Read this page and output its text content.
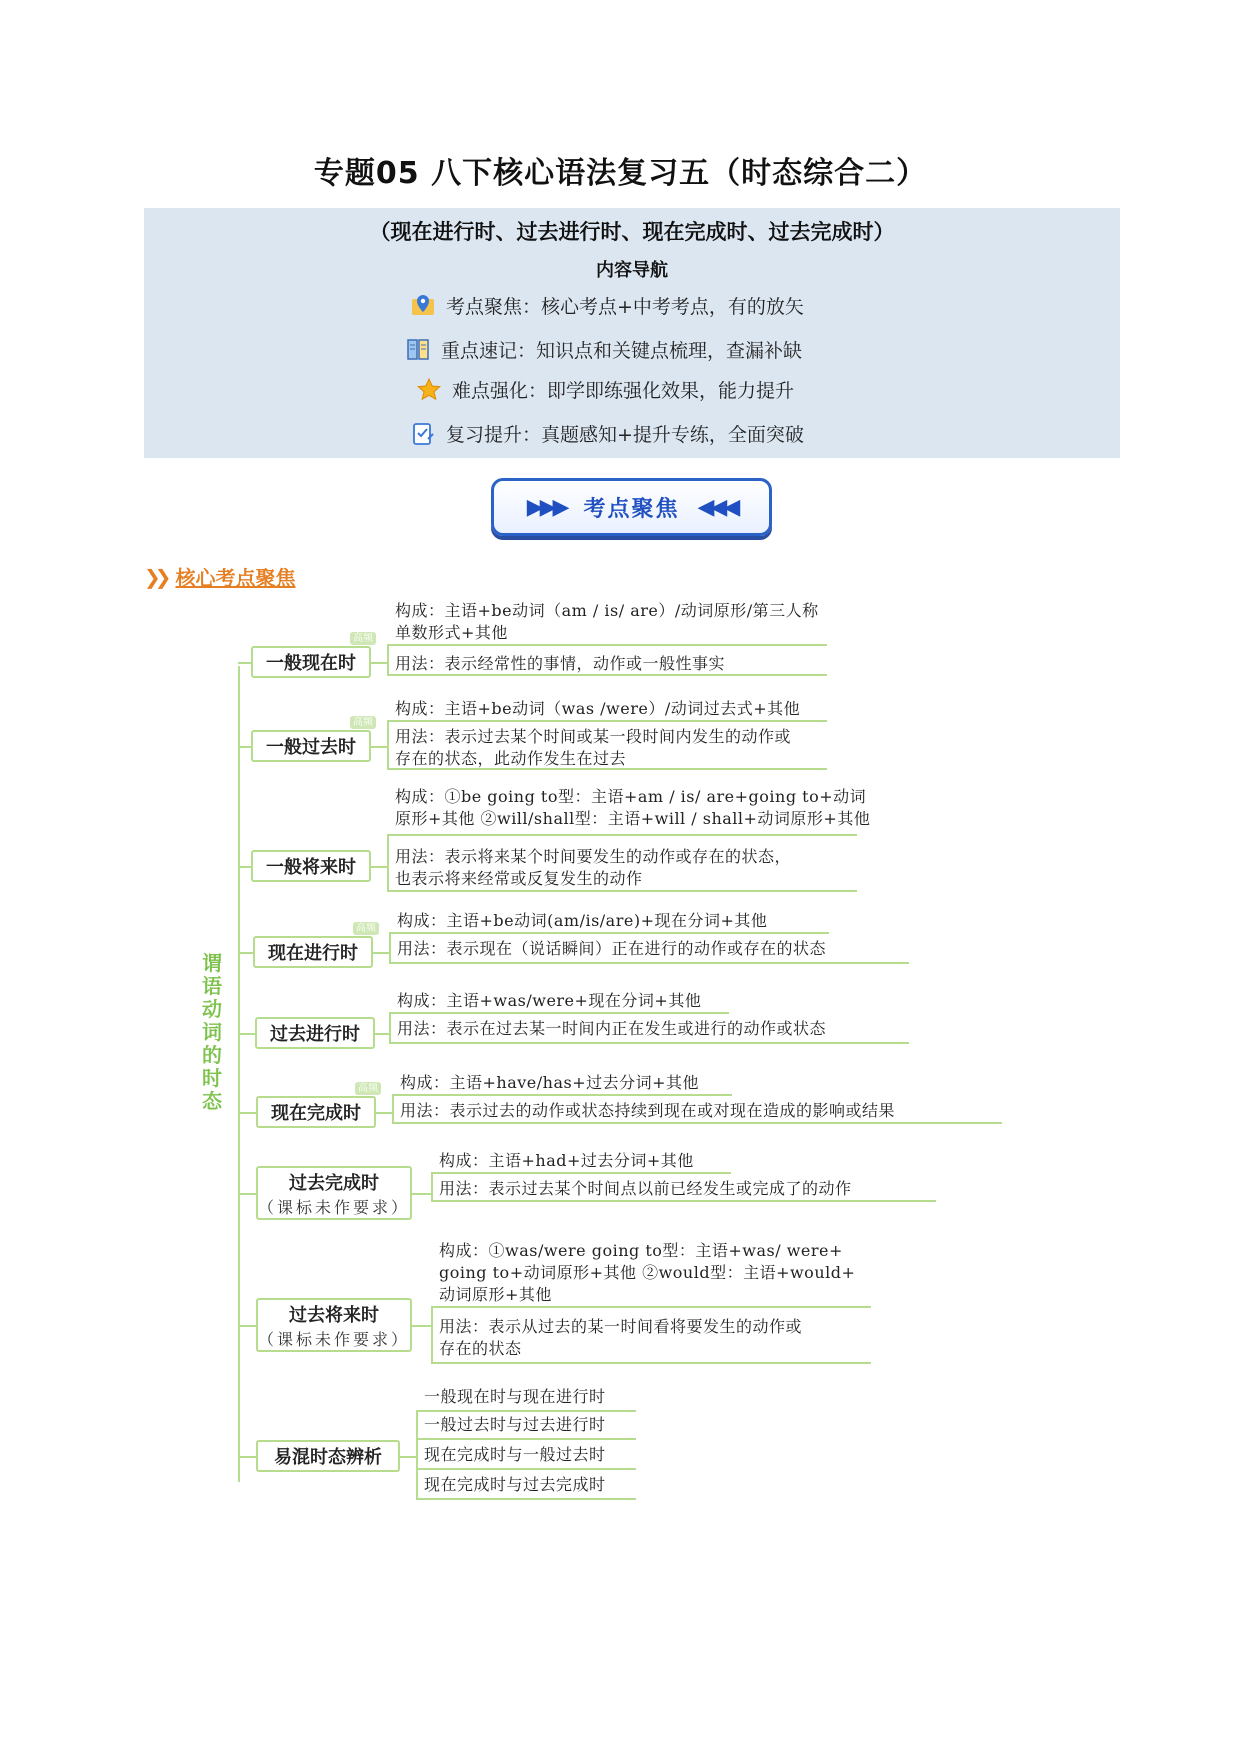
专题05 八下核心语法复习五（时态综合二）
（现在进行时、过去进行时、现在完成时、过去完成时）
内容导航
考点聚焦：核心考点+中考考点，有的放矢
重点速记：知识点和关键点梳理，查漏补缺
难点强化：即学即练强化效果，能力提升
复习提升：真题感知+提升专练，全面突破
▶▶▶ 考点聚焦 ◀◀◀
❯❯ 核心考点聚焦
谓
语
动
词
的
时
态
一般现在时
高频
构成：主语+be动词（am / is/ are）/动词原形/第三人称
单数形式+其他
用法：表示经常性的事情，动作或一般性事实
一般过去时
高频
构成：主语+be动词（was /were）/动词过去式+其他
用法：表示过去某个时间或某一段时间内发生的动作或
存在的状态，此动作发生在过去
一般将来时
构成：①be going to型：主语+am / is/ are+going to+动词
原形+其他 ②will/shall型：主语+will / shall+动词原形+其他
用法：表示将来某个时间要发生的动作或存在的状态，
也表示将来经常或反复发生的动作
现在进行时
高频 构成：主语+be动词(am/is/are)+现在分词+其他
用法：表示现在（说话瞬间）正在进行的动作或存在的状态
过去进行时
构成：主语+was/were+现在分词+其他
用法：表示在过去某一时间内正在发生或进行的动作或状态
现在完成时
高频 构成：主语+have/has+过去分词+其他
用法：表示过去的动作或状态持续到现在或对现在造成的影响或结果
过去完成时
（课标未作要求）
构成：主语+had+过去分词+其他
用法：表示过去某个时间点以前已经发生或完成了的动作
过去将来时
（课标未作要求）
构成：①was/were going to型：主语+was/ were+
going to+动词原形+其他 ②would型：主语+would+
动词原形+其他
用法：表示从过去的某一时间看将要发生的动作或
存在的状态
易混时态辨析
一般现在时与现在进行时
一般过去时与过去进行时
现在完成时与一般过去时
现在完成时与过去完成时
